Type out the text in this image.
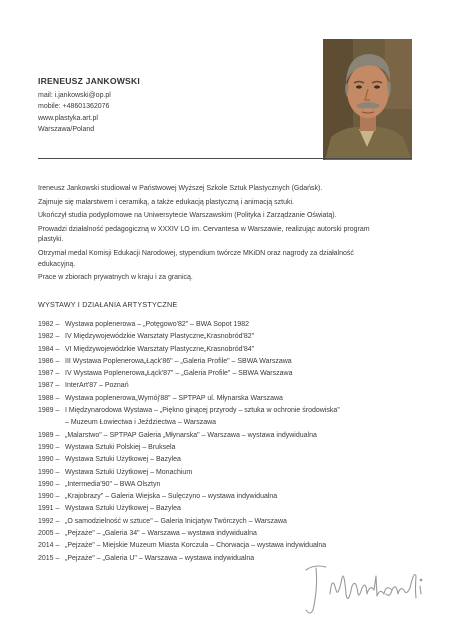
IRENEUSZ JANKOWSKI
mail: i.jankowski@op.pl
mobile: +48601362076
www.plastyka.art.pl
Warszawa/Poland

Ireneusz Jankowski studiował w Państwowej Wyższej Szkole Sztuk Plastycznych (Gdańsk).

Zajmuje się malarstwem i ceramiką, a także edukacją plastyczną i animacją sztuki.

Ukończył studia podyplomowe na Uniwersytecie Warszawskim (Polityka i Zarządzanie Oświatą).

Prowadzi działalność pedagogiczną w XXXIV LO im. Cervantesa w Warszawie, realizując autorski program plastyki.

Otrzymał medal Komisji Edukacji Narodowej, stypendium twórcze MKiDN oraz nagrody za działalność edukacyjną.

Prace w zbiorach prywatnych w kraju i za granicą.

WYSTAWY I DZIAŁANIA ARTYSTYCZNE
1982 – Wystawa poplenerowa – „Potęgowo'82" – BWA Sopot 1982
1982 – IV Międzywojewódzkie Warsztaty Plastyczne„Krasnobród'82"
1984 – VI Międzywojewódzkie Warsztaty Plastyczne„Krasnobród'84"
1986 – III Wystawa Poplenerowa„Łąck'86" – „Galeria Profile" – SBWA Warszawa
1987 – IV Wystawa Poplenerowa„Łąck'87" – „Galeria Profile" – SBWA Warszawa
1987 – InterArt'87 – Poznań
1988 – Wystawa poplenerowa„Wymój'88" – SPTPAP ul. Młynarska Warszawa
1989 – I Międzynarodowa Wystawa – „Piękno ginącej przyrody – sztuka w ochronie środowiska"
– Muzeum Łowiectwa i Jeździectwa – Warszawa
1989 – „Malarstwo" – SPTPAP Galeria „Młynarska" – Warszawa – wystawa indywidualna
1990 – Wystawa Sztuki Polskiej – Bruksela
1990 – Wystawa Sztuki Użytkowej – Bazylea
1990 – Wystawa Sztuki Użytkowej – Monachium
1990 – „Intermedia'90" – BWA Olsztyn
1990 – „Krajobrazy" – Galeria Wiejska – Sulęczyno – wystawa indywidualna
1991 – Wystawa Sztuki Użytkowej – Bazylea
1992 – „O samodzielność w sztuce" – Galeria Inicjatyw Twórczych – Warszawa
2005 – „Pejzaże" – „Galeria 34" – Warszawa – wystawa indywidualna
2014 – „Pejzaże" – Miejskie Muzeum Miasta Korczula – Chorwacja – wystawa indywidualna
2015 – „Pejzaże" – „Galeria U" – Warszawa – wystawa indywidualna
